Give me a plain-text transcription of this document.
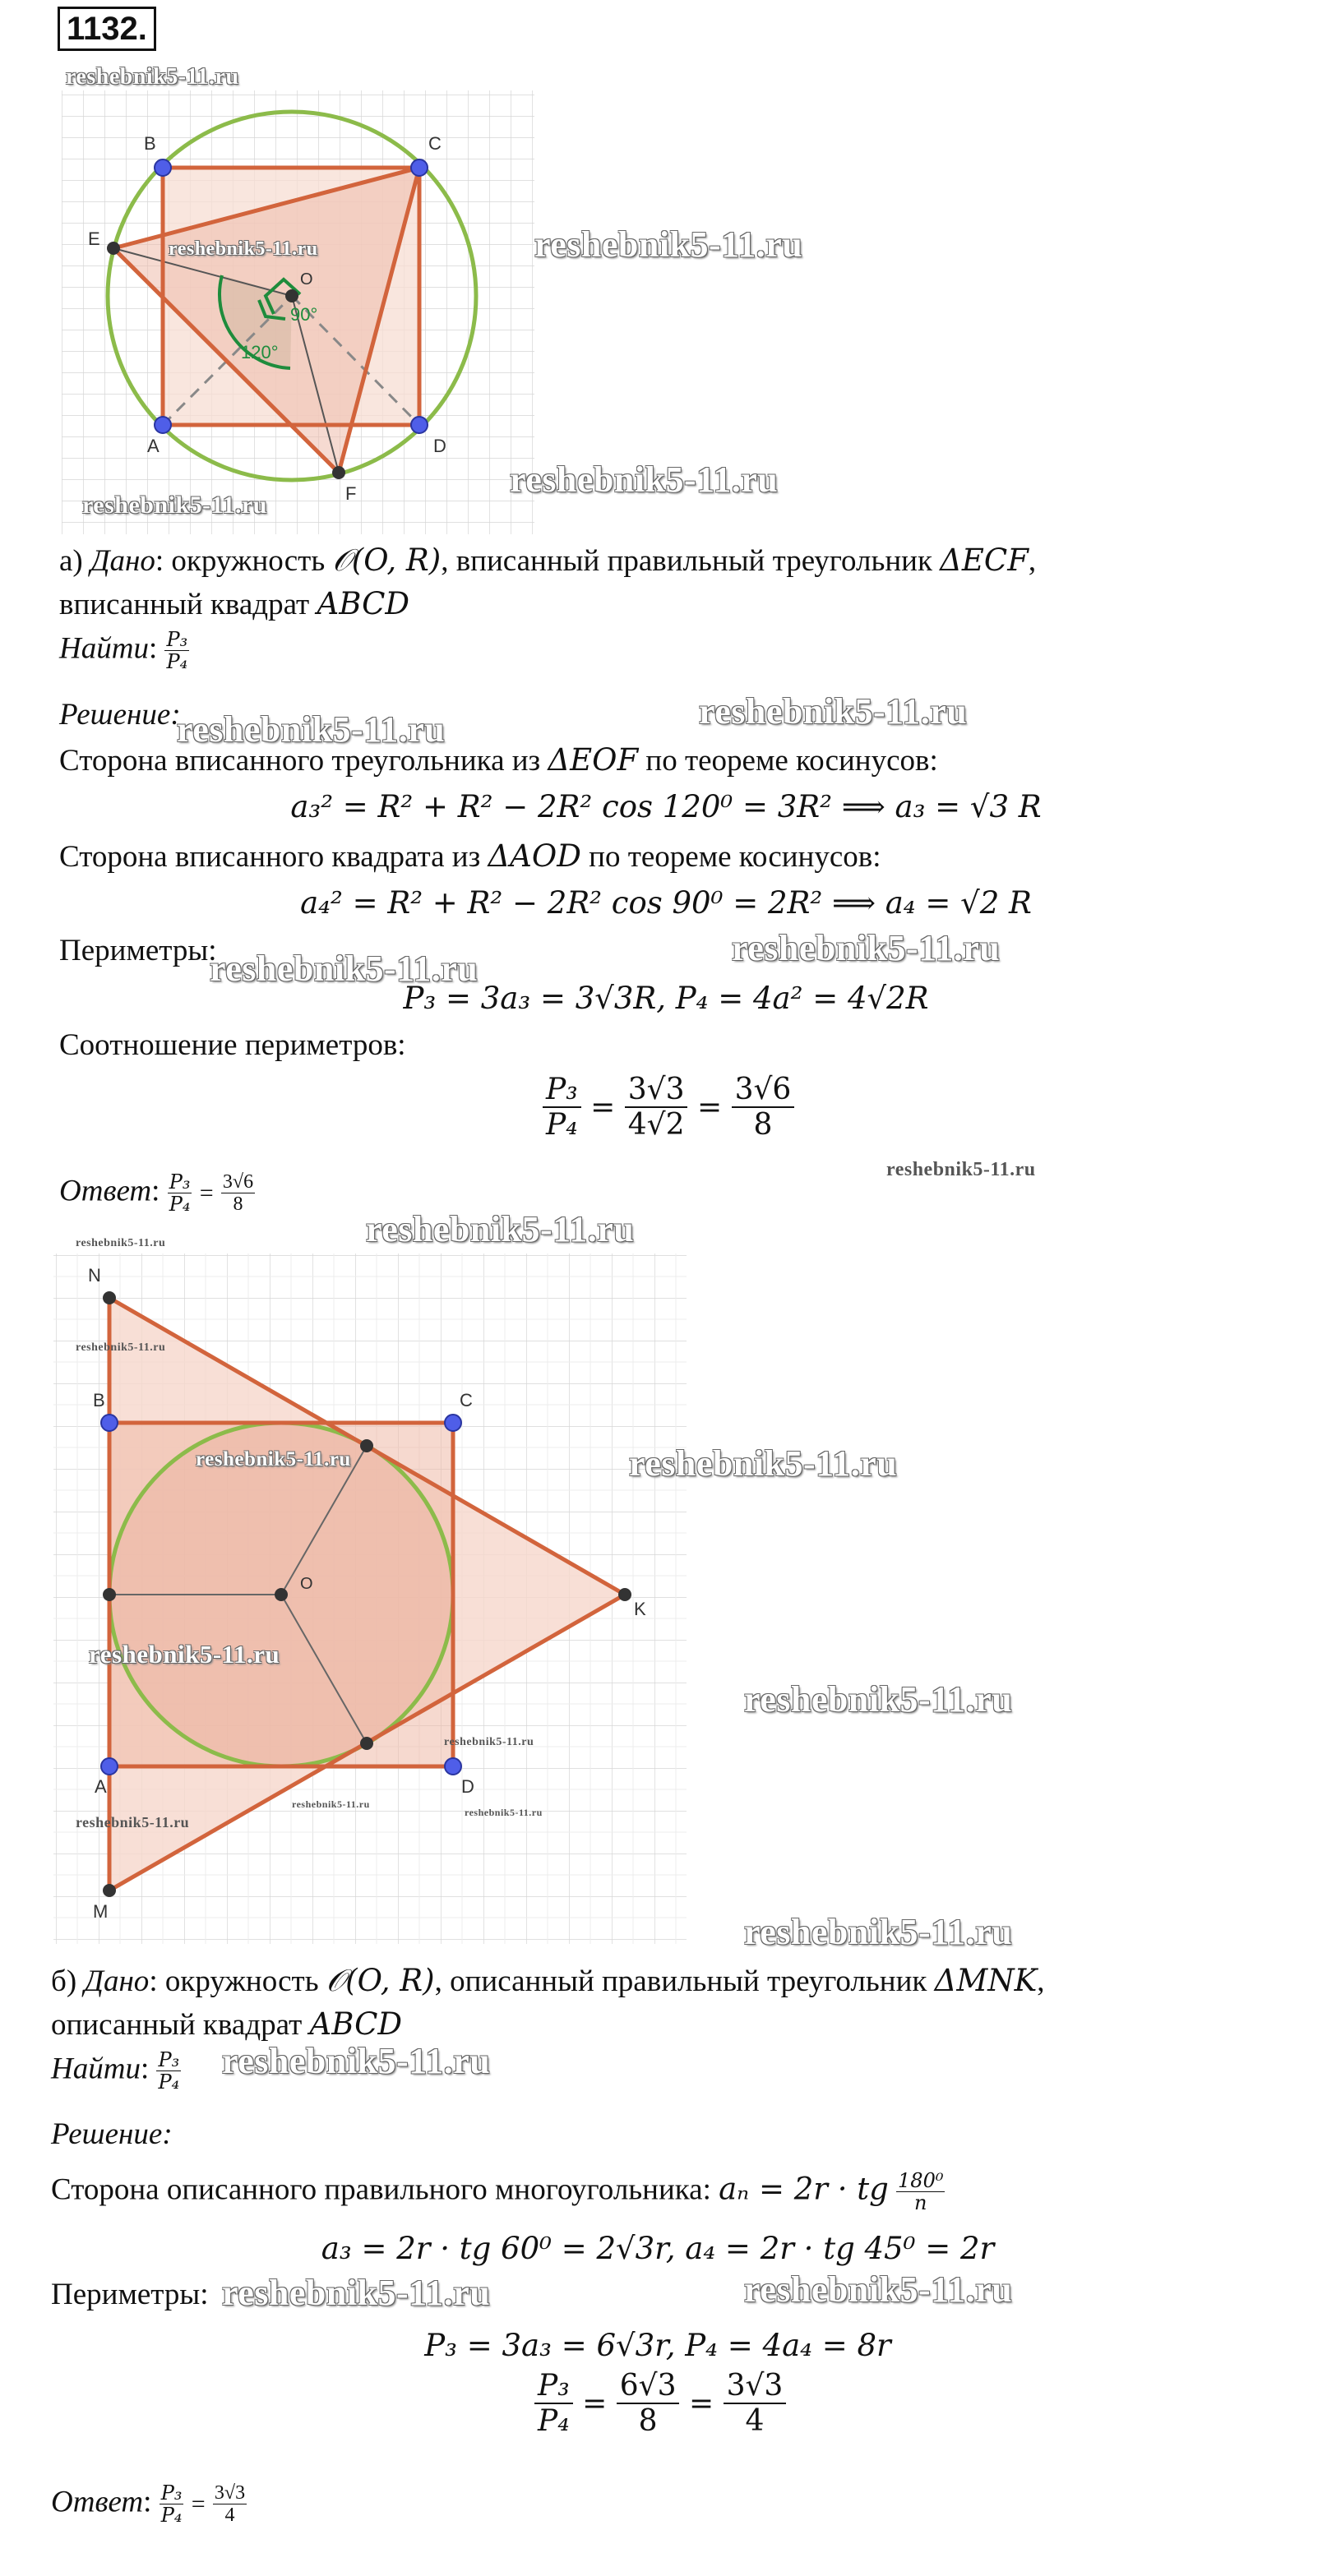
1132.
B	C
E
O
A	D
F
90°
120°
reshebnik5-11.ru
reshebnik5-11.ru	reshebnik5-11.ru
reshebnik5-11.ru
reshebnik5-11.ru
а) Дано: окружность 𝒪(O, R), вписанный правильный треугольник ΔECF,
вписанный квадрат ABCD
Найти: $\frac{\text{P₃}}{\text{P₄}}$
Решение:
reshebnik5-11.ru	reshebnik5-11.ru
Сторона вписанного треугольника из ΔEOF по теореме косинусов:
a₃² = R² + R² − 2R² cos 120⁰ = 3R² ⟹ a₃ = √3 R
Сторона вписанного квадрата из ΔAOD по теореме косинусов:
a₄² = R² + R² − 2R² cos 90⁰ = 2R² ⟹ a₄ = √2 R
Периметры:
reshebnik5-11.ru
reshebnik5-11.ru
P₃ = 3a₃ = 3√3R, P₄ = 4a² = 4√2R
Соотношение периметров:
$\frac{\text{P₃}}{\text{P₄}} = \frac{3√3}{4√2} = \frac{3√6}{8}$
Ответ: $\frac{\text{P₃}}{\text{P₄}} = \frac{3√6}{8}$
reshebnik5-11.ru
reshebnik5-11.ru
N
B	C
O
K
A	D
M
reshebnik5-11.ru
reshebnik5-11.ru
reshebnik5-11.ru	reshebnik5-11.ru
reshebnik5-11.ru
reshebnik5-11.ru
reshebnik5-11.ru
reshebnik5-11.ru
reshebnik5-11.ru
reshebnik5-11.ru
reshebnik5-11.ru
б) Дано: окружность 𝒪(O, R), описанный правильный треугольник ΔMNK,
описанный квадрат ABCD
Найти: $\frac{\text{P₃}}{\text{P₄}}$ reshebnik5-11.ru
Решение:
Сторона описанного правильного многоугольника: aₙ = 2r · tg $\frac{\text{180⁰}}{n}$
a₃ = 2r · tg 60⁰ = 2√3r, a₄ = 2r · tg 45⁰ = 2r
Периметры: reshebnik5-11.ru	reshebnik5-11.ru
P₃ = 3a₃ = 6√3r, P₄ = 4a₄ = 8r
$\frac{\text{P₃}}{\text{P₄}} = \frac{6√3}{8} = \frac{3√3}{4}$
Ответ: $\frac{\text{P₃}}{\text{P₄}} = \frac{3√3}{4}$
